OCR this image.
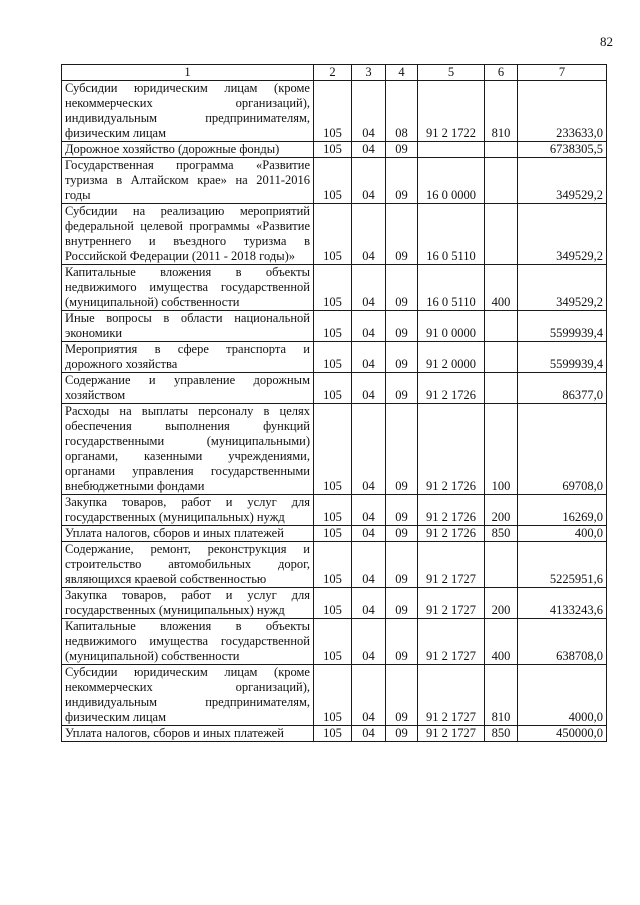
82
1	2	3	4	5	6	7
Субсидии юридическим лицам (кроме некоммерческих организаций), индивидуальным предпринимателям, физическим лицам	105	04	08	91 2 1722	810	233633,0
Дорожное хозяйство (дорожные фонды)	105	04	09			6738305,5
Государственная программа «Развитие туризма в Алтайском крае» на 2011-2016 годы	105	04	09	16 0 0000		349529,2
Субсидии на реализацию мероприятий федеральной целевой программы «Развитие внутреннего и въездного туризма в Российской Федерации (2011 - 2018 годы)»	105	04	09	16 0 5110		349529,2
Капитальные вложения в объекты недвижимого имущества государственной (муниципальной) собственности	105	04	09	16 0 5110	400	349529,2
Иные вопросы в области национальной экономики	105	04	09	91 0 0000		5599939,4
Мероприятия в сфере транспорта и дорожного хозяйства	105	04	09	91 2 0000		5599939,4
Содержание и управление дорожным хозяйством	105	04	09	91 2 1726		86377,0
Расходы на выплаты персоналу в целях обеспечения выполнения функций государственными (муниципальными) органами, казенными учреждениями, органами управления государственными внебюджетными фондами	105	04	09	91 2 1726	100	69708,0
Закупка товаров, работ и услуг для государственных (муниципальных) нужд	105	04	09	91 2 1726	200	16269,0
Уплата налогов, сборов и иных платежей	105	04	09	91 2 1726	850	400,0
Содержание, ремонт, реконструкция и строительство автомобильных дорог, являющихся краевой собственностью	105	04	09	91 2 1727		5225951,6
Закупка товаров, работ и услуг для государственных (муниципальных) нужд	105	04	09	91 2 1727	200	4133243,6
Капитальные вложения в объекты недвижимого имущества государственной (муниципальной) собственности	105	04	09	91 2 1727	400	638708,0
Субсидии юридическим лицам (кроме некоммерческих организаций), индивидуальным предпринимателям, физическим лицам	105	04	09	91 2 1727	810	4000,0
Уплата налогов, сборов и иных платежей	105	04	09	91 2 1727	850	450000,0
